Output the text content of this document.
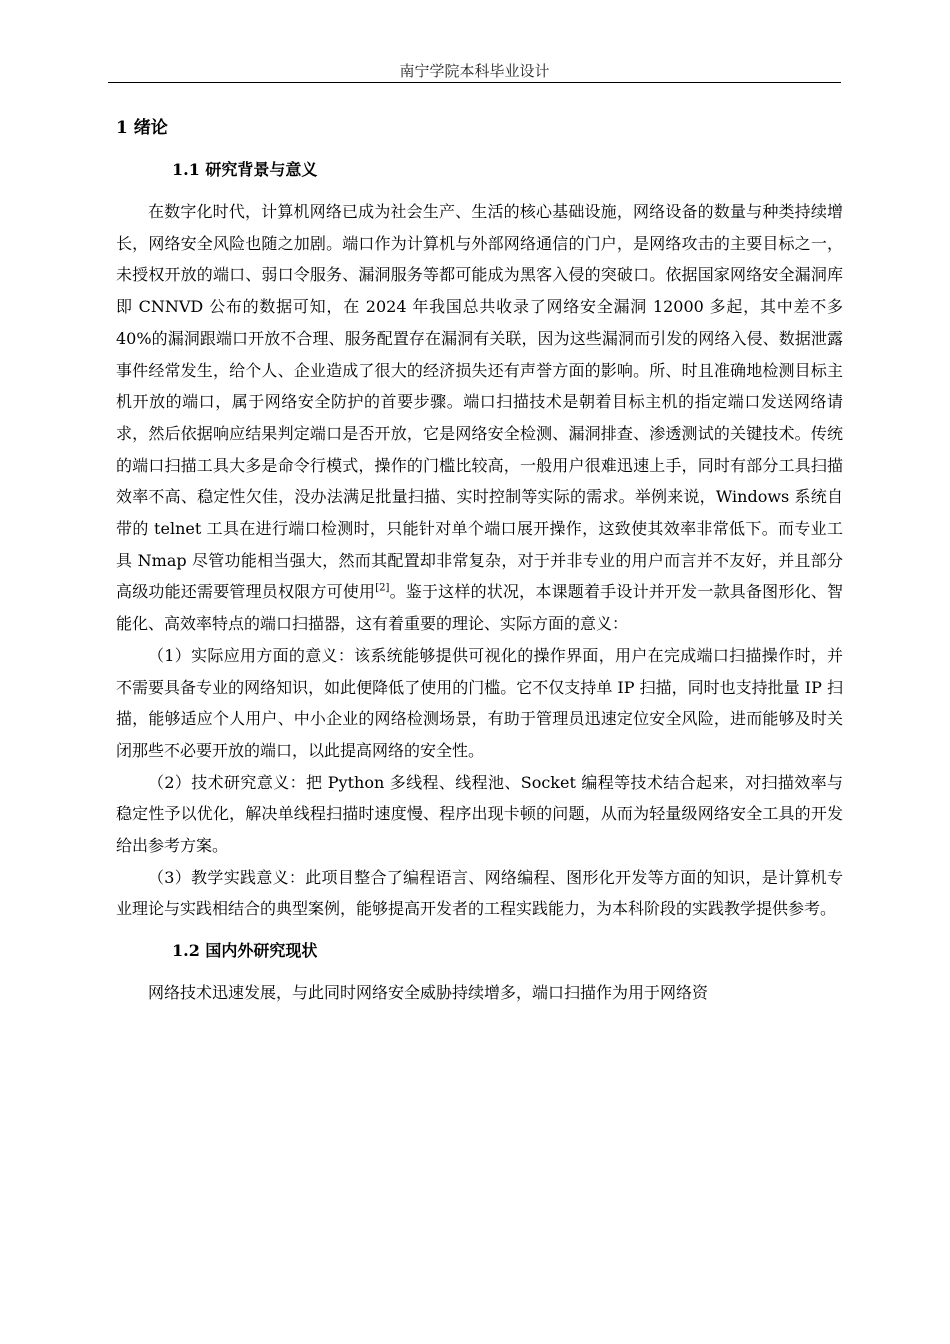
南宁学院本科毕业设计
1 绪论
1.1 研究背景与意义

在数字化时代，计算机网络已成为社会生产、生活的核心基础设施，网络设备的数量与种类持续增长，网络安全风险也随之加剧。端口作为计算机与外部网络通信的门户，是网络攻击的主要目标之一，未授权开放的端口、弱口令服务、漏洞服务等都可能成为黑客入侵的突破口。依据国家网络安全漏洞库即 CNNVD 公布的数据可知，在 2024 年我国总共收录了网络安全漏洞 12000 多起，其中差不多 40%的漏洞跟端口开放不合理、服务配置存在漏洞有关联，因为这些漏洞而引发的网络入侵、数据泄露事件经常发生，给个人、企业造成了很大的经济损失还有声誉方面的影响。所、时且准确地检测目标主机开放的端口，属于网络安全防护的首要步骤。端口扫描技术是朝着目标主机的指定端口发送网络请求，然后依据响应结果判定端口是否开放，它是网络安全检测、漏洞排查、渗透测试的关键技术。传统的端口扫描工具大多是命令行模式，操作的门槛比较高，一般用户很难迅速上手，同时有部分工具扫描效率不高、稳定性欠佳，没办法满足批量扫描、实时控制等实际的需求。举例来说，Windows 系统自带的 telnet 工具在进行端口检测时，只能针对单个端口展开操作，这致使其效率非常低下。而专业工具 Nmap 尽管功能相当强大，然而其配置却非常复杂，对于并非专业的用户而言并不友好，并且部分高级功能还需要管理员权限方可使用[2]。鉴于这样的状况，本课题着手设计并开发一款具备图形化、智能化、高效率特点的端口扫描器，这有着重要的理论、实际方面的意义：

（1）实际应用方面的意义：该系统能够提供可视化的操作界面，用户在完成端口扫描操作时，并不需要具备专业的网络知识，如此便降低了使用的门槛。它不仅支持单 IP 扫描，同时也支持批量 IP 扫描，能够适应个人用户、中小企业的网络检测场景，有助于管理员迅速定位安全风险，进而能够及时关闭那些不必要开放的端口，以此提高网络的安全性。

（2）技术研究意义：把 Python 多线程、线程池、Socket 编程等技术结合起来，对扫描效率与稳定性予以优化，解决单线程扫描时速度慢、程序出现卡顿的问题，从而为轻量级网络安全工具的开发给出参考方案。

（3）教学实践意义：此项目整合了编程语言、网络编程、图形化开发等方面的知识，是计算机专业理论与实践相结合的典型案例，能够提高开发者的工程实践能力，为本科阶段的实践教学提供参考。

1.2 国内外研究现状

网络技术迅速发展，与此同时网络安全威胁持续增多，端口扫描作为用于网络资
